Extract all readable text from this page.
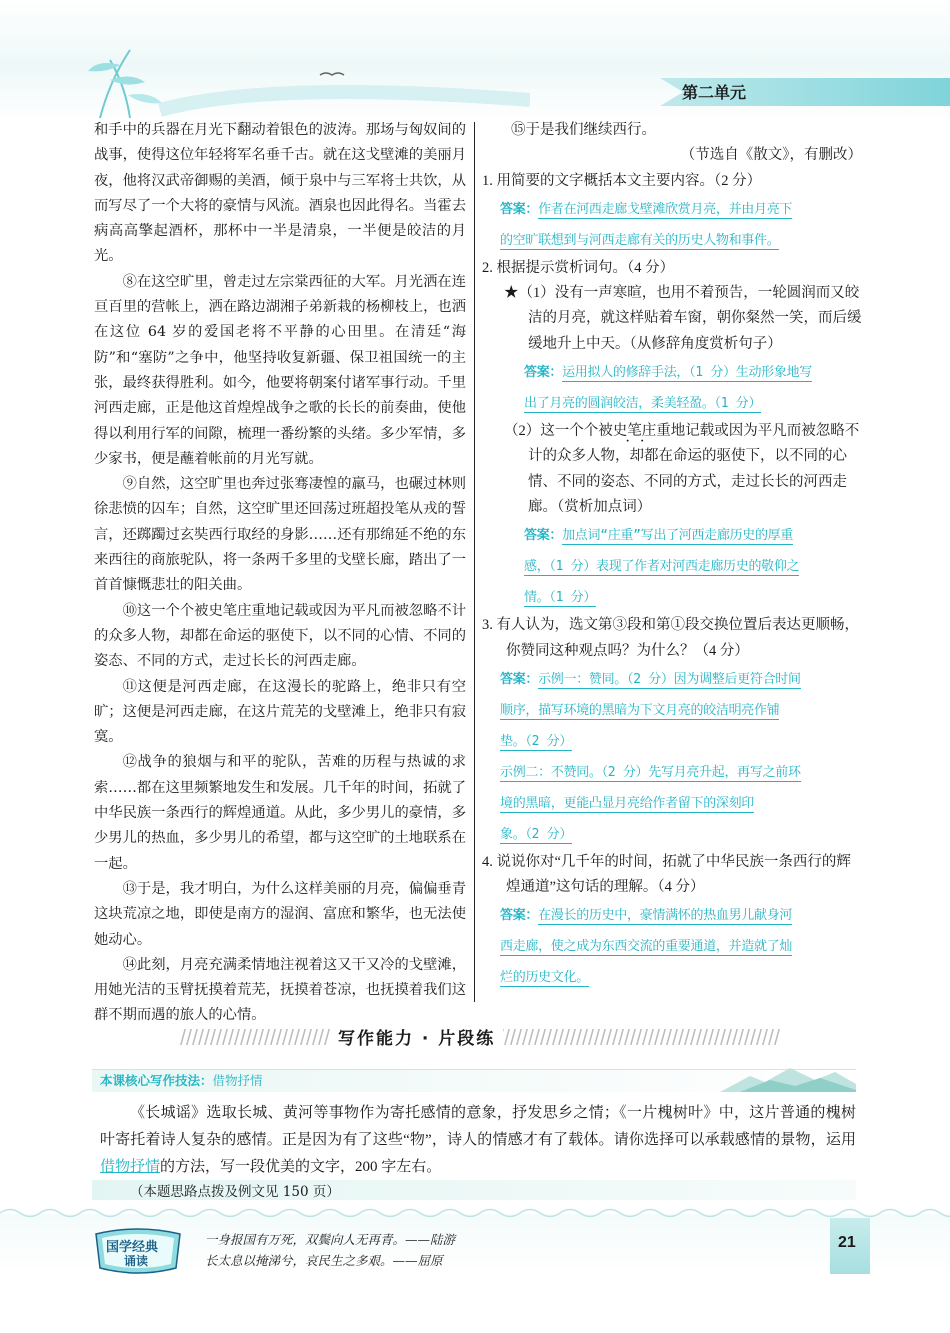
第二单元

和手中的兵器在月光下翻动着银色的波涛。那场与匈奴间的战事，使得这位年轻将军名垂千古。就在这戈壁滩的美丽月夜，他将汉武帝御赐的美酒，倾于泉中与三军将士共饮，从而写尽了一个大将的豪情与风流。酒泉也因此得名。当霍去病高高擎起酒杯，那杯中一半是清泉，一半便是皎洁的月光。

⑧在这空旷里，曾走过左宗棠西征的大军。月光洒在连亘百里的营帐上，洒在路边湖湘子弟新栽的杨柳枝上，也洒在这位 64 岁的爱国老将不平静的心田里。在清廷“海防”和“塞防”之争中，他坚持收复新疆、保卫祖国统一的主张，最终获得胜利。如今，他要将朝案付诸军事行动。千里河西走廊，正是他这首煌煌战争之歌的长长的前奏曲，使他得以利用行军的间隙，梳理一番纷繁的头绪。多少军情，多少家书，便是蘸着帐前的月光写就。

⑨自然，这空旷里也奔过张骞凄惶的羸马，也碾过林则徐悲愤的囚车；自然，这空旷里还回荡过班超投笔从戎的誓言，还踯躅过玄奘西行取经的身影……还有那绵延不绝的东来西往的商旅驼队，将一条两千多里的戈壁长廊，踏出了一首首慷慨悲壮的阳关曲。

⑩这一个个被史笔庄重地记载或因为平凡而被忽略不计的众多人物，却都在命运的驱使下，以不同的心情、不同的姿态、不同的方式，走过长长的河西走廊。

⑪这便是河西走廊，在这漫长的驼路上，绝非只有空旷；这便是河西走廊，在这片荒芜的戈壁滩上，绝非只有寂寞。

⑫战争的狼烟与和平的驼队，苦难的历程与热诚的求索……都在这里频繁地发生和发展。几千年的时间，拓就了中华民族一条西行的辉煌通道。从此，多少男儿的豪情，多少男儿的热血，多少男儿的希望，都与这空旷的土地联系在一起。

⑬于是，我才明白，为什么这样美丽的月亮，偏偏垂青这块荒凉之地，即使是南方的湿润、富庶和繁华，也无法使她动心。

⑭此刻，月亮充满柔情地注视着这又干又冷的戈壁滩，用她光洁的玉臂抚摸着荒芜，抚摸着苍凉，也抚摸着我们这群不期而遇的旅人的心情。

⑮于是我们继续西行。

（节选自《散文》，有删改）

1. 用简要的文字概括本文主要内容。（2 分）

答案：作者在河西走廊戈壁滩欣赏月亮，并由月亮下
的空旷联想到与河西走廊有关的历史人物和事件。

2. 根据提示赏析词句。（4 分）

★（1）没有一声寒暄，也用不着预告，一轮圆润而又皎洁的月亮，就这样贴着车窗，朝你粲然一笑，而后缓缓地升上中天。（从修辞角度赏析句子）

答案：运用拟人的修辞手法，（1 分）生动形象地写
出了月亮的圆润皎洁，柔美轻盈。（1 分）

（2）这一个个被史笔庄重地记载或因为平凡而被忽略不计的众多人物，却都在命运的驱使下，以不同的心情、不同的姿态、不同的方式，走过长长的河西走廊。（赏析加点词）

答案：加点词“庄重”写出了河西走廊历史的厚重
感，（1 分）表现了作者对河西走廊历史的敬仰之
情。（1 分）

3. 有人认为，选文第③段和第①段交换位置后表达更顺畅，你赞同这种观点吗？为什么？（4 分）

答案：示例一：赞同。（2 分）因为调整后更符合时间
顺序，描写环境的黑暗为下文月亮的皎洁明亮作铺
垫。（2 分）
示例二：不赞同。（2 分）先写月亮升起，再写之前环
境的黑暗，更能凸显月亮给作者留下的深刻印
象。（2 分）

4. 说说你对“几千年的时间，拓就了中华民族一条西行的辉煌通道”这句话的理解。（4 分）

答案：在漫长的历史中，豪情满怀的热血男儿献身河
西走廊，使之成为东西交流的重要通道，并造就了灿
烂的历史文化。

写作能力 · 片段练
本课核心写作技法：借物抒情

《长城谣》选取长城、黄河等事物作为寄托感情的意象，抒发思乡之情；《一片槐树叶》中，这片普通的槐树叶寄托着诗人复杂的感情。正是因为有了这些“物”，诗人的情感才有了载体。请你选择可以承载感情的景物，运用借物抒情的方法，写一段优美的文字，200 字左右。

（本题思路点拨及例文见 150 页）
国学经典
诵读
一身报国有万死，双鬓向人无再青。——陆游
长太息以掩涕兮，哀民生之多艰。——屈原
21
